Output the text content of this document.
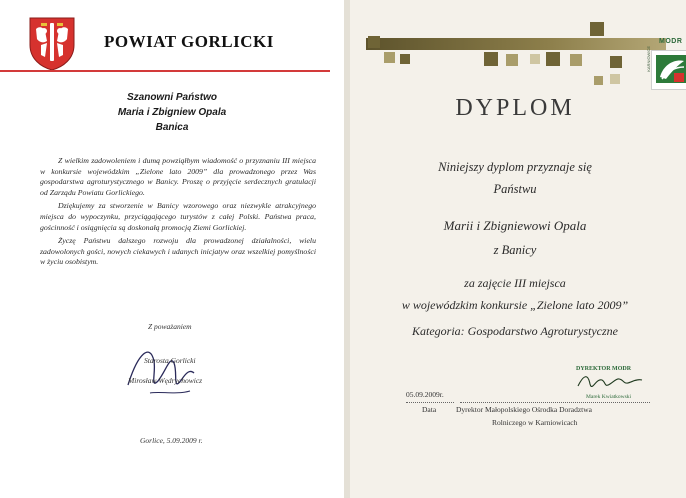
POWIAT GORLICKI
Szanowni Państwo
Maria i Zbigniew Opala
Banica

Z wielkim zadowoleniem i dumą powziąłbym wiadomość o przyznaniu III miejsca w konkursie wojewódzkim „Zielone lato 2009” dla prowadzonego przez Was gospodarstwa agroturystycznego w Banicy. Proszę o przyjęcie serdecznych gratulacji od Zarządu Powiatu Gorlickiego.

Dziękujemy za stworzenie w Banicy wzorowego oraz niezwykle atrakcyjnego miejsca do wypoczynku, przyciągającego turystów z całej Polski. Państwa praca, gościnność i osiągnięcia są doskonałą promocją Ziemi Gorlickiej.

Życzę Państwu dalszego rozwoju dla prowadzonej działalności, wielu zadowolonych gości, nowych ciekawych i udanych inicjatyw oraz wszelkiej pomyślności w życiu osobistym.

Z poważaniem
Starosta Gorlicki
Mirosław Wędrychowicz
Gorlice, 5.09.2009 r.
MODR
KARNIOWICE
DYPLOM
Niniejszy dyplom przyznaje się
Państwu
Marii i Zbigniewowi Opala
z Banicy
za zajęcie III miejsca
w wojewódzkim konkursie „Zielone lato 2009”
Kategoria: Gospodarstwo Agroturystyczne
DYREKTOR MODR
Marek Kwiatkowski
05.09.2009r.
Data	Dyrektor Małopolskiego Ośrodka Doradztwa
Rolniczego w Karniowicach
